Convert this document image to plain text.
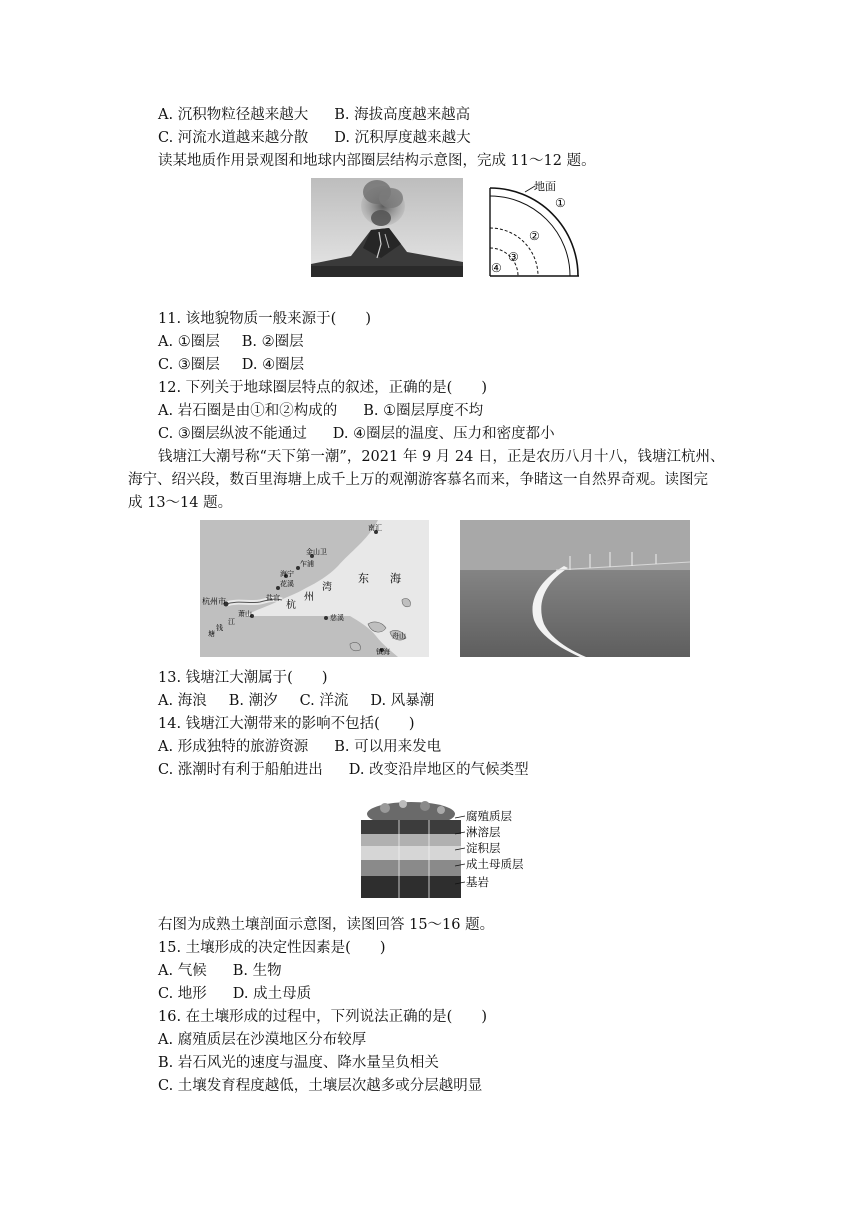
A. 沉积物粒径越来越大 B. 海拔高度越来越高
C. 河流水道越来越分散 D. 沉积厚度越来越大
读某地质作用景观图和地球内部圈层结构示意图，完成 11～12 题。
地面
①
②
③
④
11. 该地貌物质一般来源于(　　)
A. ①圈层 B. ②圈层
C. ③圈层 D. ④圈层
12. 下列关于地球圈层特点的叙述，正确的是(　　)
A. 岩石圈是由①和②构成的 B. ①圈层厚度不均
C. ③圈层纵波不能通过 D. ④圈层的温度、压力和密度都小
钱塘江大潮号称“天下第一潮”，2021 年 9 月 24 日，正是农历八月十八，钱塘江杭州、
海宁、绍兴段，数百里海塘上成千上万的观潮游客慕名而来，争睹这一自然界奇观。读图完
成 13～14 题。
南汇
金山卫
乍浦
海宁
花溪
盐官
杭州市
萧山
杭
州
湾
东 海
慈溪
舟山
镇海
江
塘
钱
13. 钱塘江大潮属于(　　)
A. 海浪 B. 潮汐 C. 洋流 D. 风暴潮
14. 钱塘江大潮带来的影响不包括(　　)
A. 形成独特的旅游资源 B. 可以用来发电
C. 涨潮时有利于船舶进出 D. 改变沿岸地区的气候类型
腐殖质层
淋溶层
淀积层
成土母质层
基岩
右图为成熟土壤剖面示意图，读图回答 15～16 题。
15. 土壤形成的决定性因素是(　　)
A. 气候 B. 生物
C. 地形 D. 成土母质
16. 在土壤形成的过程中，下列说法正确的是(　　)
A. 腐殖质层在沙漠地区分布较厚
B. 岩石风光的速度与温度、降水量呈负相关
C. 土壤发育程度越低，土壤层次越多或分层越明显
